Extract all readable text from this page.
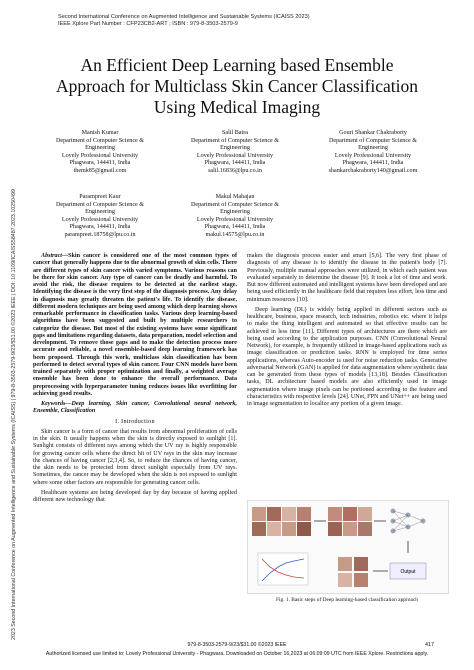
2023 Second International Conference on Augmented Intelligence and Sustainable Systems (ICAISS) | 979-8-3503-2579-9/23/$31.00 ©2023 IEEE | DOI: 10.1109/ICAISS58487.2023.10250499
Second International Conference on Augmented Intelligence and Sustainable Systems (ICAISS 2023)
IEEE Xplore Part Number : CFP23CB2-ART ; ISBN : 979-8-3503-2579-9
An Efficient Deep Learning based Ensemble
Approach for Multiclass Skin Cancer Classification
Using Medical Imaging
Manish Kumar
Department of Computer Science &
Engineering
Lovely Professional University
Phagwara, 144411, India
themk85@gmail.com
Salil Batra
Department of Computer Science &
Engineering
Lovely Professional University
Phagwara, 144411, India
salil.16836@lpu.co.in
Gouri Shankar Chakraborty
Department of Computer Science &
Engineering
Lovely Professional University
Phagwara, 144411, India
shankarchakraborty140@gmail.com
Parampreet Kaur
Department of Computer Science &
Engineering
Lovely Professional University
Phagwara, 144411, India
parampreet.18758@lpu.co.in
Makul Mahajan
Department of Computer Science &
Engineering
Lovely Professional University
Phagwara, 144411, India
makul.14575@lpu.co.in

Abstract—Skin cancer is considered one of the most common types of cancer that generally happens due to the abnormal growth of skin cells. There are different types of skin cancer with varied symptoms. Various reasons can be there for skin cancer. Any type of cancer can be deadly and harmful. To avoid the risk, the disease requires to be detected at the earliest stage. Identifying the disease is the very first step of the diagnosis process. Any delay in diagnosis may greatly threaten the patient's life. To identify the disease, different modern techniques are being used among which deep learning shows remarkable performance in classification tasks. Various deep learning-based algorithms have been suggested and built by multiple researchers to categorize the disease. But most of the existing systems have some significant gaps and limitations regarding datasets, data preparation, model selection and development. To remove those gaps and to make the detection process more accurate and reliable, a novel ensemble-based deep learning framework has been proposed. Through this work, multiclass skin classification has been performed to detect several types of skin cancer. Four CNN models have been trained separately with proper optimization and finally, a weighted average ensemble has been done to enhance the overall performance. Data preprocessing with hyperparameter tuning reduces issues like overfitting for achieving good results.

Keywords—Deep learning, Skin cancer, Convolutional neural network, Ensemble, Classification

I. Introduction

Skin cancer is a form of cancer that results from abnormal proliferation of cells in the skin. It usually happens when the skin is directly exposed to sunlight [1]. Sunlight consists of different rays among which the UV ray is highly responsible for growing cancer cells where the direct hit of UV rays in the skin may increase the chances of having cancer [2,3,4]. So, to reduce the chances of having cancer, the skin needs to be protected from direct sunlight especially from UV rays. Sometimes, the cancer may be developed when the skin is not exposed to sunlight where some other factors are responsible for generating cancer cells.

Healthcare systems are being developed day by day because of having applied different new technology that

makes the diagnosis process easier and smart [5,6]. The very first phase of diagnosis of any disease is to identify the disease in the patient's body [7]. Previously, multiple manual approaches were utilized, in which each patient was evaluated separately to determine the disease [9]. It took a lot of time and work. But now different automated and intelligent systems have been developed and are being used efficiently in the healthcare field that requires less effort, less time and minimum resources [10].

Deep learning (DL) is widely being applied in different sectors such as healthcare, business, space research, tech industries, robotics etc. where it helps to make the thing intelligent and automated so that effective results can be achieved in less time [11]. Different types of architectures are there which are being used according to the application purposes. CNN (Convolutional Neural Network), for example, is frequently utilized in image-based applications such as image classification or prediction tasks. RNN is employed for time series applications, whereas Auto-encoder is used for noise reduction tasks. Generative adversarial Network (GAN) is applied for data augmentation where synthetic data can be generated from these types of models [13,18]. Besides Classification tasks, DL architecture based models are also efficiently used in image segmentation where image pixels can be portioned according to the feature and characteristics with respective levels [24]. UNet, FPN and UNet++ are being used in image segmentation to localize any portion of a given image.

Output
Fig. 1. Basic steps of Deep learning-based classification approach
979-8-3503-2579-9/23/$31.00 ©2023 IEEE	417
Authorized licensed use limited to: Lovely Professional University - Phagwara. Downloaded on October 16,2023 at 06:09:09 UTC from IEEE Xplore. Restrictions apply.
